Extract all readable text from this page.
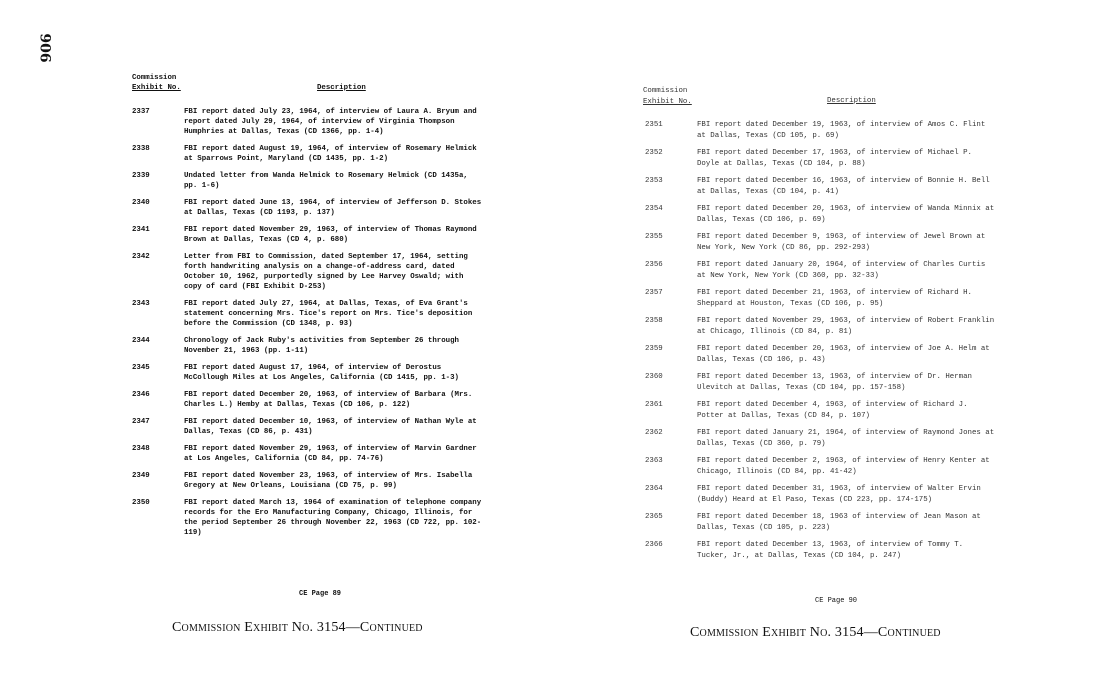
906
Commission
Exhibit No.	Description
2337	FBI report dated July 23, 1964, of interview of Laura A. Bryum and report dated July 29, 1964, of interview of Virginia Thompson Humphries at Dallas, Texas (CD 1366, pp. 1-4)
2338	FBI report dated August 19, 1964, of interview of Rosemary Helmick at Sparrows Point, Maryland (CD 1435, pp. 1-2)
2339	Undated letter from Wanda Helmick to Rosemary Helmick (CD 1435a, pp. 1-6)
2340	FBI report dated June 13, 1964, of interview of Jefferson D. Stokes at Dallas, Texas (CD 1193, p. 137)
2341	FBI report dated November 29, 1963, of interview of Thomas Raymond Brown at Dallas, Texas (CD 4, p. 680)
2342	Letter from FBI to Commission, dated September 17, 1964, setting forth handwriting analysis on a change-of-address card, dated October 10, 1962, purportedly signed by Lee Harvey Oswald; with copy of card (FBI Exhibit D-253)
2343	FBI report dated July 27, 1964, at Dallas, Texas, of Eva Grant's statement concerning Mrs. Tice's report on Mrs. Tice's deposition before the Commission (CD 1348, p. 93)
2344	Chronology of Jack Ruby's activities from September 26 through November 21, 1963 (pp. 1-11)
2345	FBI report dated August 17, 1964, of interview of Derostus McCollough Miles at Los Angeles, California (CD 1415, pp. 1-3)
2346	FBI report dated December 20, 1963, of interview of Barbara (Mrs. Charles L.) Hemby at Dallas, Texas (CD 106, p. 122)
2347	FBI report dated December 10, 1963, of interview of Nathan Wyle at Dallas, Texas (CD 86, p. 431)
2348	FBI report dated November 29, 1963, of interview of Marvin Gardner at Los Angeles, California (CD 84, pp. 74-76)
2349	FBI report dated November 23, 1963, of interview of Mrs. Isabella Gregory at New Orleans, Louisiana (CD 75, p. 99)
2350	FBI report dated March 13, 1964 of examination of telephone company records for the Ero Manufacturing Company, Chicago, Illinois, for the period September 26 through November 22, 1963 (CD 722, pp. 102-119)
Commission
Exhibit No.	Description
2351	FBI report dated December 19, 1963, of interview of Amos C. Flint at Dallas, Texas (CD 105, p. 69)
2352	FBI report dated December 17, 1963, of interview of Michael P. Doyle at Dallas, Texas (CD 104, p. 88)
2353	FBI report dated December 16, 1963, of interview of Bonnie H. Bell at Dallas, Texas (CD 104, p. 41)
2354	FBI report dated December 20, 1963, of interview of Wanda Minnix at Dallas, Texas (CD 106, p. 69)
2355	FBI report dated December 9, 1963, of interview of Jewel Brown at New York, New York (CD 86, pp. 292-293)
2356	FBI report dated January 20, 1964, of interview of Charles Curtis at New York, New York (CD 360, pp. 32-33)
2357	FBI report dated December 21, 1963, of interview of Richard H. Sheppard at Houston, Texas (CD 106, p. 95)
2358	FBI report dated November 29, 1963, of interview of Robert Franklin at Chicago, Illinois (CD 84, p. 81)
2359	FBI report dated December 20, 1963, of interview of Joe A. Helm at Dallas, Texas (CD 106, p. 43)
2360	FBI report dated December 13, 1963, of interview of Dr. Herman Ulevitch at Dallas, Texas (CD 104, pp. 157-158)
2361	FBI report dated December 4, 1963, of interview of Richard J. Potter at Dallas, Texas (CD 84, p. 107)
2362	FBI report dated January 21, 1964, of interview of Raymond Jones at Dallas, Texas (CD 360, p. 79)
2363	FBI report dated December 2, 1963, of interview of Henry Kenter at Chicago, Illinois (CD 84, pp. 41-42)
2364	FBI report dated December 31, 1963, of interview of Walter Ervin (Buddy) Heard at El Paso, Texas (CD 223, pp. 174-175)
2365	FBI report dated December 18, 1963 of interview of Jean Mason at Dallas, Texas (CD 105, p. 223)
2366	FBI report dated December 13, 1963, of interview of Tommy T. Tucker, Jr., at Dallas, Texas (CD 104, p. 247)
CE Page 89
Commission Exhibit No. 3154—Continued
CE Page 90
Commission Exhibit No. 3154—Continued
